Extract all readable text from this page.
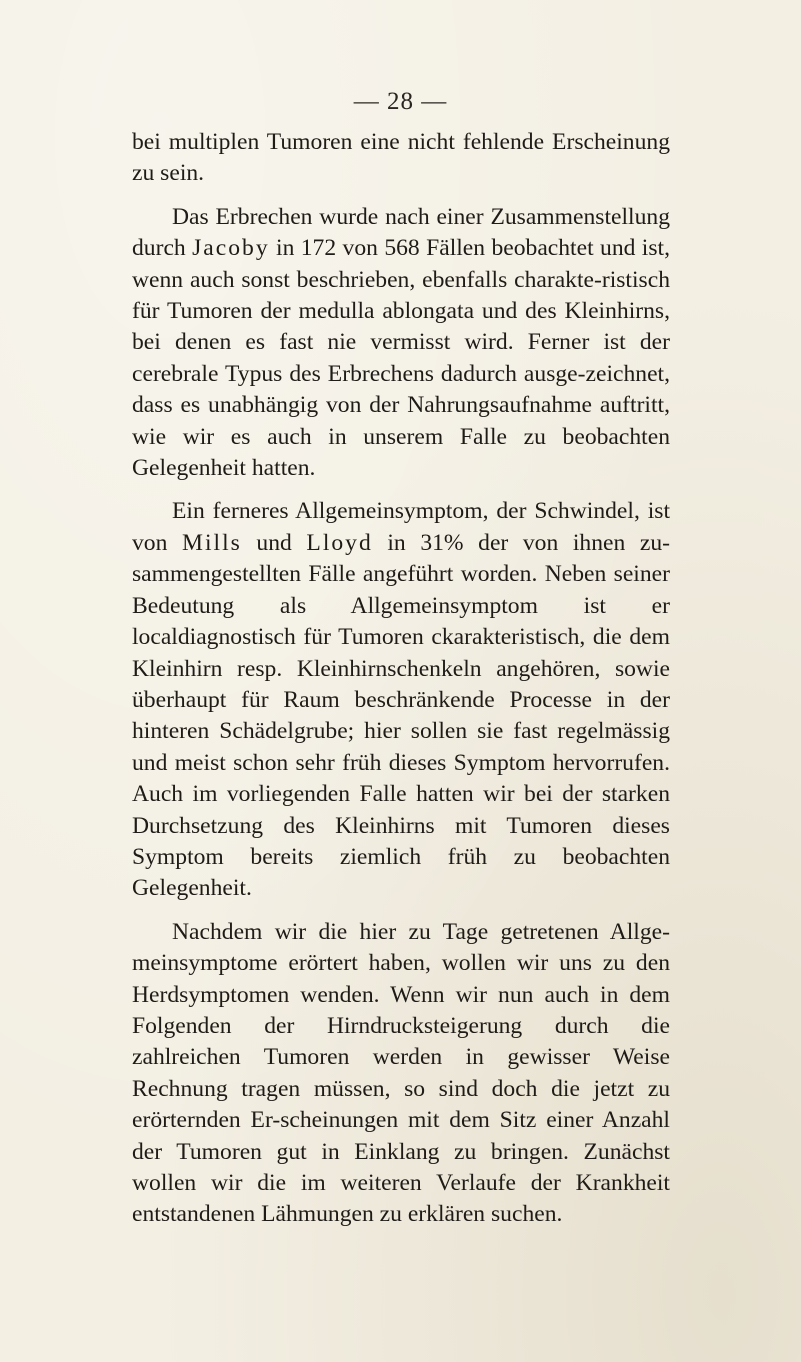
— 28 —

bei multiplen Tumoren eine nicht fehlende Erscheinung zu sein.

Das Erbrechen wurde nach einer Zusammenstellung durch Jacoby in 172 von 568 Fällen beobachtet und ist, wenn auch sonst beschrieben, ebenfalls charakte-ristisch für Tumoren der medulla ablongata und des Kleinhirns, bei denen es fast nie vermisst wird. Ferner ist der cerebrale Typus des Erbrechens dadurch ausge-zeichnet, dass es unabhängig von der Nahrungsaufnahme auftritt, wie wir es auch in unserem Falle zu beobachten Gelegenheit hatten.

Ein ferneres Allgemeinsymptom, der Schwindel, ist von Mills und Lloyd in 31% der von ihnen zu-sammengestellten Fälle angeführt worden. Neben seiner Bedeutung als Allgemeinsymptom ist er localdiagnostisch für Tumoren ckarakteristisch, die dem Kleinhirn resp. Kleinhirnschenkeln angehören, sowie überhaupt für Raum beschränkende Processe in der hinteren Schädelgrube; hier sollen sie fast regelmässig und meist schon sehr früh dieses Symptom hervorrufen. Auch im vorliegenden Falle hatten wir bei der starken Durchsetzung des Kleinhirns mit Tumoren dieses Symptom bereits ziemlich früh zu beobachten Gelegenheit.

Nachdem wir die hier zu Tage getretenen Allge-meinsymptome erörtert haben, wollen wir uns zu den Herdsymptomen wenden. Wenn wir nun auch in dem Folgenden der Hirndrucksteigerung durch die zahlreichen Tumoren werden in gewisser Weise Rechnung tragen müssen, so sind doch die jetzt zu erörternden Er-scheinungen mit dem Sitz einer Anzahl der Tumoren gut in Einklang zu bringen. Zunächst wollen wir die im weiteren Verlaufe der Krankheit entstandenen Lähmungen zu erklären suchen.
